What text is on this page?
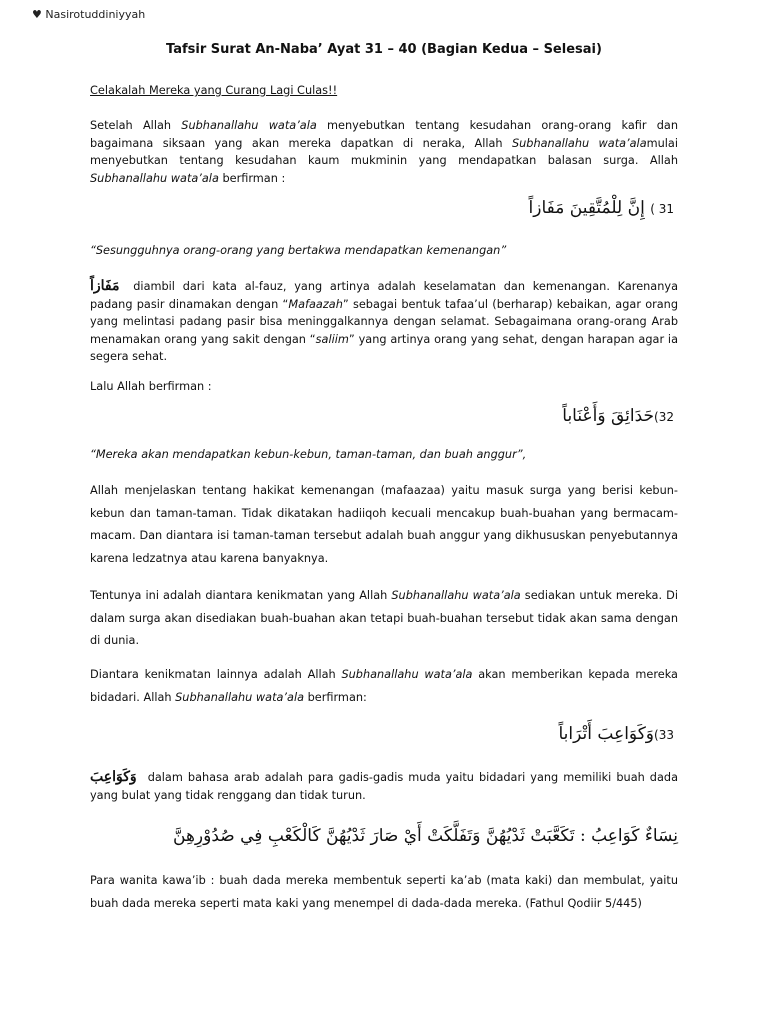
♥ Nasirotuddiniyyah
Tafsir Surat An-Naba’ Ayat 31 – 40 (Bagian Kedua – Selesai)
Celakalah Mereka yang Curang Lagi Culas!!
Setelah Allah Subhanallahu wata’ala menyebutkan tentang kesudahan orang-orang kafir dan bagaimana siksaan yang akan mereka dapatkan di neraka, Allah Subhanallahu wata’alamulai menyebutkan tentang kesudahan kaum mukminin yang mendapatkan balasan surga. Allah Subhanallahu wata’ala berfirman :
31 ) إِنَّ لِلْمُتَّقِينَ مَفَازاً
“Sesungguhnya orang-orang yang bertakwa mendapatkan kemenangan”
مَفَازاً diambil dari kata al-fauz, yang artinya adalah keselamatan dan kemenangan. Karenanya padang pasir dinamakan dengan “Mafaazah” sebagai bentuk tafaa’ul (berharap) kebaikan, agar orang yang melintasi padang pasir bisa meninggalkannya dengan selamat. Sebagaimana orang-orang Arab menamakan orang yang sakit dengan “saliim” yang artinya orang yang sehat, dengan harapan agar ia segera sehat.
Lalu Allah berfirman :
32)حَدَائِقَ وَأَعْنَاباً
“Mereka akan mendapatkan kebun-kebun, taman-taman, dan buah anggur”,
Allah menjelaskan tentang hakikat kemenangan (mafaazaa) yaitu masuk surga yang berisi kebun-kebun dan taman-taman. Tidak dikatakan hadiiqoh kecuali mencakup buah-buahan yang bermacam-macam. Dan diantara isi taman-taman tersebut adalah buah anggur yang dikhususkan penyebutannya karena ledzatnya atau karena banyaknya.
Tentunya ini adalah diantara kenikmatan yang Allah Subhanallahu wata’ala sediakan untuk mereka. Di dalam surga akan disediakan buah-buahan akan tetapi buah-buahan tersebut tidak akan sama dengan di dunia.
Diantara kenikmatan lainnya adalah Allah Subhanallahu wata’ala akan memberikan kepada mereka bidadari. Allah Subhanallahu wata’ala berfirman:
33)وَكَوَاعِبَ أَتْرَاباً
وَكَوَاعِبَ dalam bahasa arab adalah para gadis-gadis muda yaitu bidadari yang memiliki buah dada yang bulat yang tidak renggang dan tidak turun.
نِسَاءٌ كَوَاعِبُ : تَكَعَّبَتْ ثَدْيُهُنَّ وَتَفَلَّكَتْ أَيْ صَارَ ثَدْيُهُنَّ كَالْكَعْبِ فِي صُدُوْرِهِنَّ
Para wanita kawa’ib : buah dada mereka membentuk seperti ka’ab (mata kaki) dan membulat, yaitu buah dada mereka seperti mata kaki yang menempel di dada-dada mereka. (Fathul Qodiir 5/445)
